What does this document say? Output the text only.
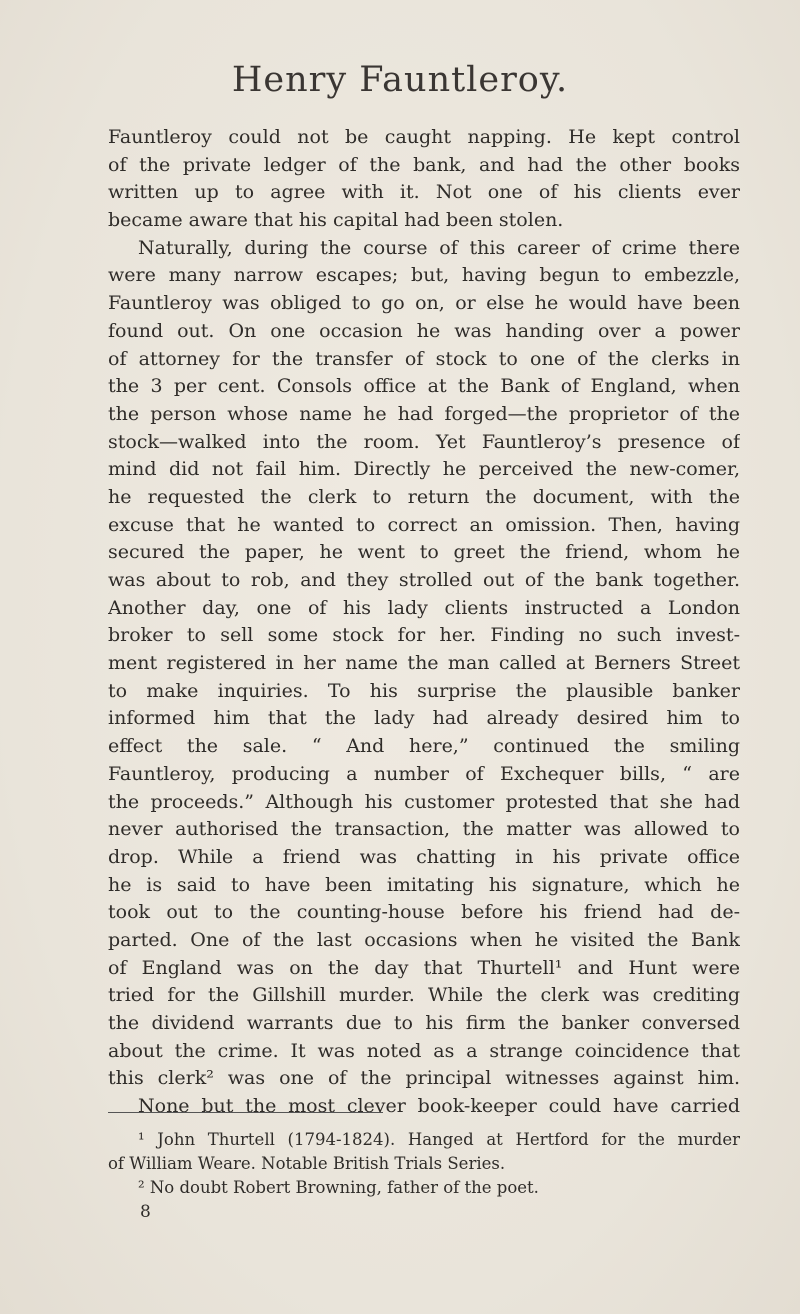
Henry Fauntleroy.
Fauntleroy could not be caught napping. He kept control
of the private ledger of the bank, and had the other books
written up to agree with it. Not one of his clients ever
became aware that his capital had been stolen.
Naturally, during the course of this career of crime there
were many narrow escapes; but, having begun to embezzle,
Fauntleroy was obliged to go on, or else he would have been
found out. On one occasion he was handing over a power
of attorney for the transfer of stock to one of the clerks in
the 3 per cent. Consols office at the Bank of England, when
the person whose name he had forged—the proprietor of the
stock—walked into the room. Yet Fauntleroy’s presence of
mind did not fail him. Directly he perceived the new-comer,
he requested the clerk to return the document, with the
excuse that he wanted to correct an omission. Then, having
secured the paper, he went to greet the friend, whom he
was about to rob, and they strolled out of the bank together.
Another day, one of his lady clients instructed a London
broker to sell some stock for her. Finding no such invest-
ment registered in her name the man called at Berners Street
to make inquiries. To his surprise the plausible banker
informed him that the lady had already desired him to
effect the sale. “ And here,” continued the smiling
Fauntleroy, producing a number of Exchequer bills, “ are
the proceeds.” Although his customer protested that she had
never authorised the transaction, the matter was allowed to
drop. While a friend was chatting in his private office
he is said to have been imitating his signature, which he
took out to the counting-house before his friend had de-
parted. One of the last occasions when he visited the Bank
of England was on the day that Thurtell¹ and Hunt were
tried for the Gillshill murder. While the clerk was crediting
the dividend warrants due to his firm the banker conversed
about the crime. It was noted as a strange coincidence that
this clerk² was one of the principal witnesses against him.
None but the most clever book-keeper could have carried
¹ John Thurtell (1794-1824). Hanged at Hertford for the murder
of William Weare. Notable British Trials Series.
² No doubt Robert Browning, father of the poet.
8
